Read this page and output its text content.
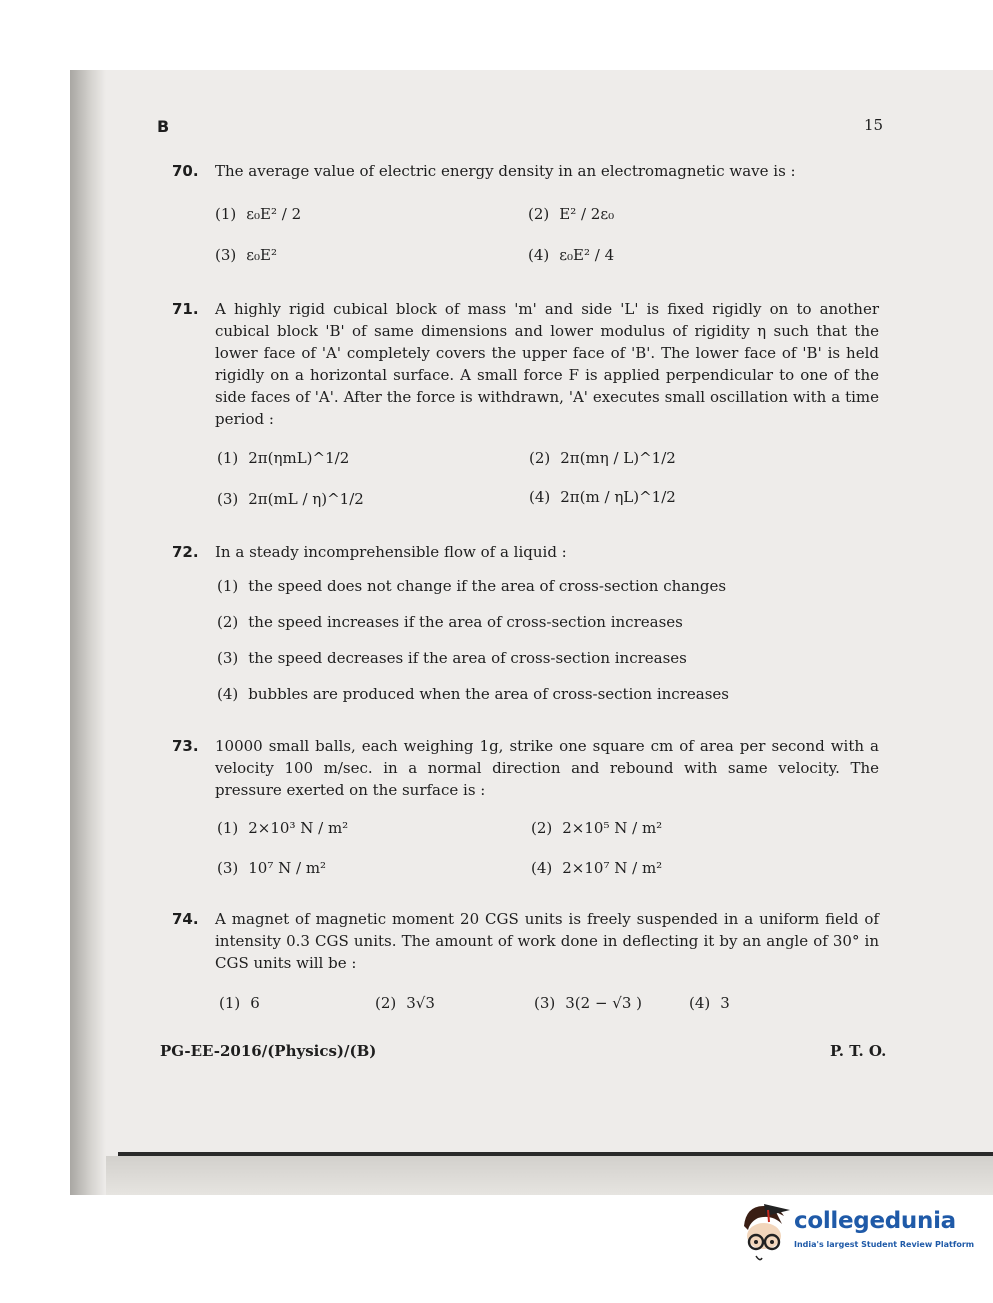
B	15
70. The average value of electric energy density in an electromagnetic wave is :
(1) ε₀E² / 2	(2) E² / 2ε₀
(3) ε₀E²	(4) ε₀E² / 4
71. A highly rigid cubical block of mass 'm' and side 'L' is fixed rigidly on to another cubical block 'B' of same dimensions and lower modulus of rigidity η such that the lower face of 'A' completely covers the upper face of 'B'. The lower face of 'B' is held rigidly on a horizontal surface. A small force F is applied perpendicular to one of the side faces of 'A'. After the force is withdrawn, 'A' executes small oscillation with a time period :
(1) 2π(ηmL)^1/2	(2) 2π(mη / L)^1/2
(3) 2π(mL / η)^1/2	(4) 2π(m / ηL)^1/2
72. In a steady incomprehensible flow of a liquid :
(1) the speed does not change if the area of cross-section changes
(2) the speed increases if the area of cross-section increases
(3) the speed decreases if the area of cross-section increases
(4) bubbles are produced when the area of cross-section increases
73. 10000 small balls, each weighing 1g, strike one square cm of area per second with a velocity 100 m/sec. in a normal direction and rebound with same velocity. The pressure exerted on the surface is :
(1) 2×10³ N / m²	(2) 2×10⁵ N / m²
(3) 10⁷ N / m²	(4) 2×10⁷ N / m²
74. A magnet of magnetic moment 20 CGS units is freely suspended in a uniform field of intensity 0.3 CGS units. The amount of work done in deflecting it by an angle of 30° in CGS units will be :
(1) 6	(2) 3√3	(3) 3(2 − √3 )	(4) 3
PG-EE-2016/(Physics)/(B)	P. T. O.
collegedunia
India's largest Student Review Platform
